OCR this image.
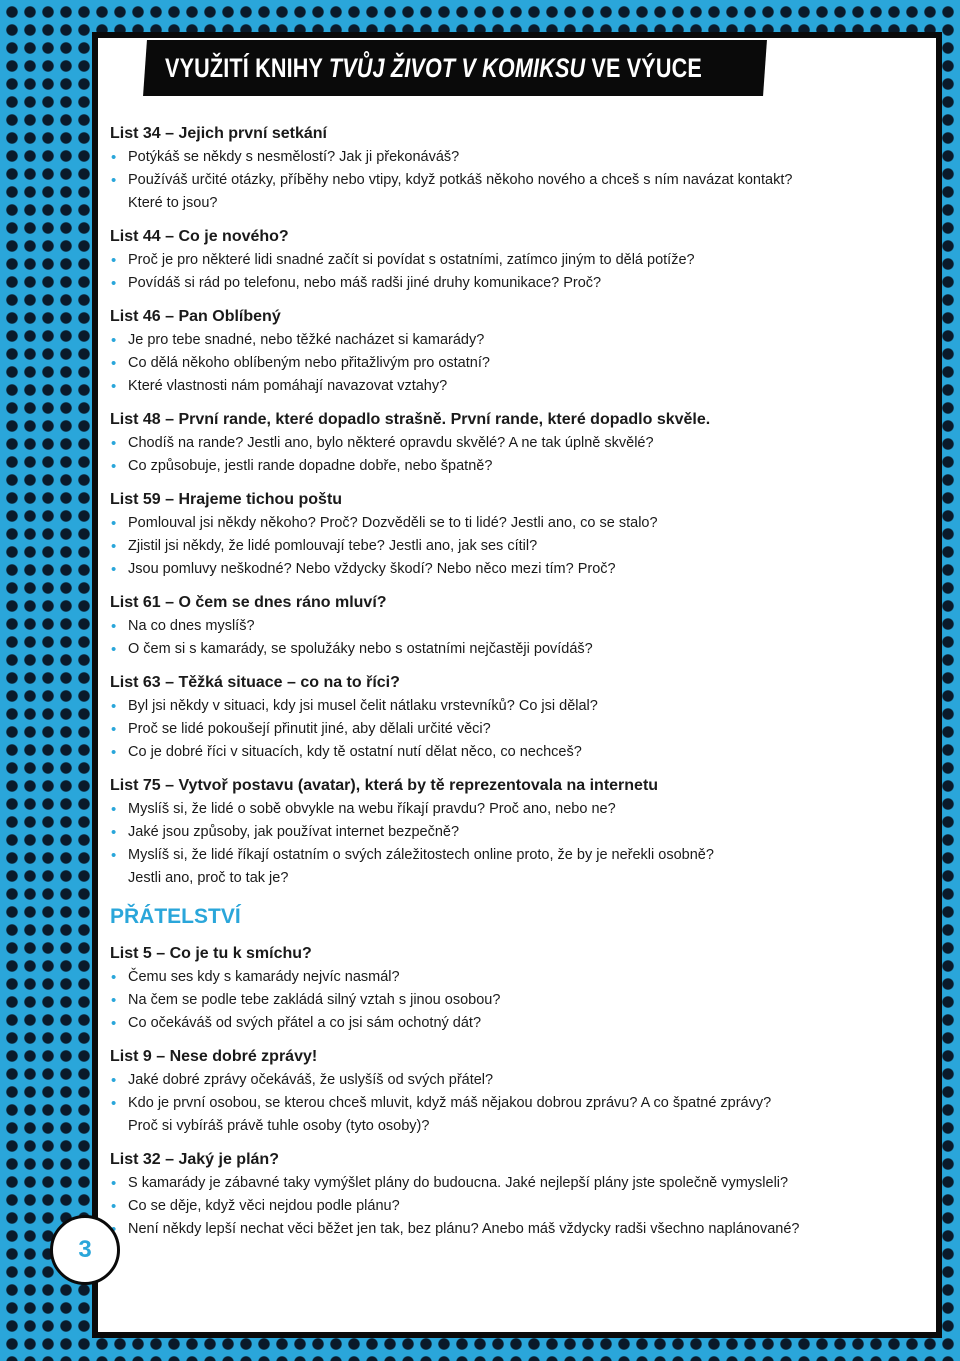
VYUŽITÍ KNIHY TVŮJ ŽIVOT V KOMIKSU VE VÝUCE
List 34 – Jejich první setkání
• Potýkáš se někdy s nesmělostí? Jak ji překonáváš?
• Používáš určité otázky, příběhy nebo vtipy, když potkáš někoho nového a chceš s ním navázat kontakt?
Které to jsou?
List 44 – Co je nového?
• Proč je pro některé lidi snadné začít si povídat s ostatními, zatímco jiným to dělá potíže?
• Povídáš si rád po telefonu, nebo máš radši jiné druhy komunikace? Proč?
List 46 – Pan Oblíbený
• Je pro tebe snadné, nebo těžké nacházet si kamarády?
• Co dělá někoho oblíbeným nebo přitažlivým pro ostatní?
• Které vlastnosti nám pomáhají navazovat vztahy?
List 48 – První rande, které dopadlo strašně. První rande, které dopadlo skvěle.
• Chodíš na rande? Jestli ano, bylo některé opravdu skvělé? A ne tak úplně skvělé?
• Co způsobuje, jestli rande dopadne dobře, nebo špatně?
List 59 – Hrajeme tichou poštu
• Pomlouval jsi někdy někoho? Proč? Dozvěděli se to ti lidé? Jestli ano, co se stalo?
• Zjistil jsi někdy, že lidé pomlouvají tebe? Jestli ano, jak ses cítil?
• Jsou pomluvy neškodné? Nebo vždycky škodí? Nebo něco mezi tím? Proč?
List 61 – O čem se dnes ráno mluví?
• Na co dnes myslíš?
• O čem si s kamarády, se spolužáky nebo s ostatními nejčastěji povídáš?
List 63 – Těžká situace – co na to říci?
• Byl jsi někdy v situaci, kdy jsi musel čelit nátlaku vrstevníků? Co jsi dělal?
• Proč se lidé pokoušejí přinutit jiné, aby dělali určité věci?
• Co je dobré říci v situacích, kdy tě ostatní nutí dělat něco, co nechceš?
List 75 – Vytvoř postavu (avatar), která by tě reprezentovala na internetu
• Myslíš si, že lidé o sobě obvykle na webu říkají pravdu? Proč ano, nebo ne?
• Jaké jsou způsoby, jak používat internet bezpečně?
• Myslíš si, že lidé říkají ostatním o svých záležitostech online proto, že by je neřekli osobně?
Jestli ano, proč to tak je?
PŘÁTELSTVÍ
List 5 – Co je tu k smíchu?
• Čemu ses kdy s kamarády nejvíc nasmál?
• Na čem se podle tebe zakládá silný vztah s jinou osobou?
• Co očekáváš od svých přátel a co jsi sám ochotný dát?
List 9 – Nese dobré zprávy!
• Jaké dobré zprávy očekáváš, že uslyšíš od svých přátel?
• Kdo je první osobou, se kterou chceš mluvit, když máš nějakou dobrou zprávu? A co špatné zprávy?
Proč si vybíráš právě tuhle osoby (tyto osoby)?
List 32 – Jaký je plán?
• S kamarády je zábavné taky vymýšlet plány do budoucna. Jaké nejlepší plány jste společně vymysleli?
• Co se děje, když věci nejdou podle plánu?
• Není někdy lepší nechat věci běžet jen tak, bez plánu? Anebo máš vždycky radši všechno naplánované?
3
